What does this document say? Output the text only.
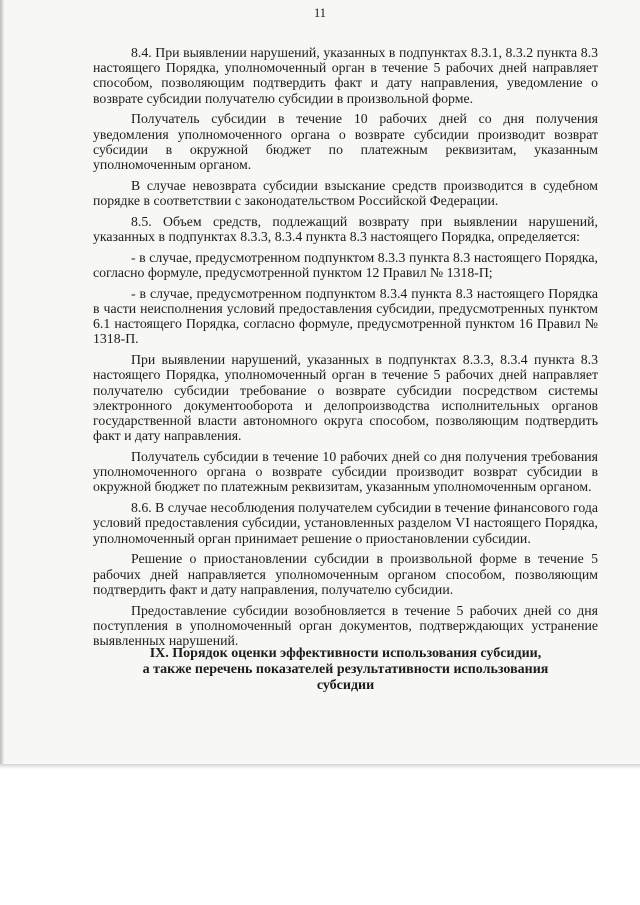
11

8.4. При выявлении нарушений, указанных в подпунктах 8.3.1, 8.3.2 пункта 8.3 настоящего Порядка, уполномоченный орган в течение 5 рабочих дней направляет способом, позволяющим подтвердить факт и дату направления, уведомление о возврате субсидии получателю субсидии в произвольной форме.

Получатель субсидии в течение 10 рабочих дней со дня получения уведомления уполномоченного органа о возврате субсидии производит возврат субсидии в окружной бюджет по платежным реквизитам, указанным уполномоченным органом.

В случае невозврата субсидии взыскание средств производится в судебном порядке в соответствии с законодательством Российской Федерации.

8.5. Объем средств, подлежащий возврату при выявлении нарушений, указанных в подпунктах 8.3.3, 8.3.4 пункта 8.3 настоящего Порядка, определяется:

- в случае, предусмотренном подпунктом 8.3.3 пункта 8.3 настоящего Порядка, согласно формуле, предусмотренной пунктом 12 Правил № 1318-П;

- в случае, предусмотренном подпунктом 8.3.4 пункта 8.3 настоящего Порядка в части неисполнения условий предоставления субсидии, предусмотренных пунктом 6.1 настоящего Порядка, согласно формуле, предусмотренной пунктом 16 Правил № 1318-П.

При выявлении нарушений, указанных в подпунктах 8.3.3, 8.3.4 пункта 8.3 настоящего Порядка, уполномоченный орган в течение 5 рабочих дней направляет получателю субсидии требование о возврате субсидии посредством системы электронного документооборота и делопроизводства исполнительных органов государственной власти автономного округа способом, позволяющим подтвердить факт и дату направления.

Получатель субсидии в течение 10 рабочих дней со дня получения требования уполномоченного органа о возврате субсидии производит возврат субсидии в окружной бюджет по платежным реквизитам, указанным уполномоченным органом.

8.6. В случае несоблюдения получателем субсидии в течение финансового года условий предоставления субсидии, установленных разделом VI настоящего Порядка, уполномоченный орган принимает решение о приостановлении субсидии.

Решение о приостановлении субсидии в произвольной форме в течение 5 рабочих дней направляется уполномоченным органом способом, позволяющим подтвердить факт и дату направления, получателю субсидии.

Предоставление субсидии возобновляется в течение 5 рабочих дней со дня поступления в уполномоченный орган документов, подтверждающих устранение выявленных нарушений.

IX. Порядок оценки эффективности использования субсидии,
а также перечень показателей результативности использования
субсидии
